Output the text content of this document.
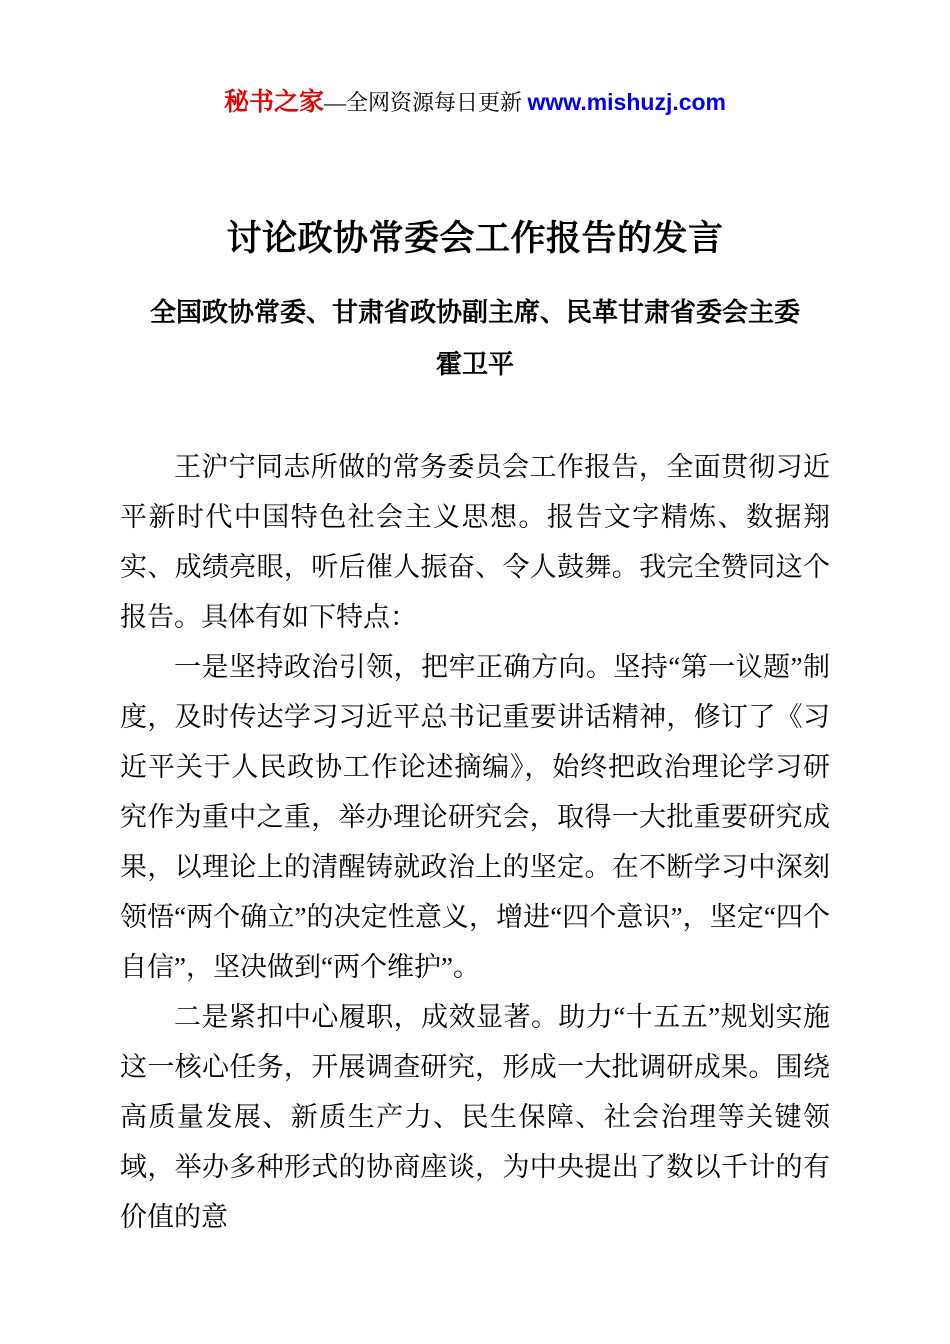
秘书之家—全网资源每日更新 www.mishuzj.com
讨论政协常委会工作报告的发言
全国政协常委、甘肃省政协副主席、民革甘肃省委会主委
霍卫平

王沪宁同志所做的常务委员会工作报告，全面贯彻习近平新时代中国特色社会主义思想。报告文字精炼、数据翔实、成绩亮眼，听后催人振奋、令人鼓舞。我完全赞同这个报告。具体有如下特点：

一是坚持政治引领，把牢正确方向。坚持“第一议题”制度，及时传达学习习近平总书记重要讲话精神，修订了《习近平关于人民政协工作论述摘编》，始终把政治理论学习研究作为重中之重，举办理论研究会，取得一大批重要研究成果，以理论上的清醒铸就政治上的坚定。在不断学习中深刻领悟“两个确立”的决定性意义，增进“四个意识”，坚定“四个自信”，坚决做到“两个维护”。

二是紧扣中心履职，成效显著。助力“十五五”规划实施这一核心任务，开展调查研究，形成一大批调研成果。围绕高质量发展、新质生产力、民生保障、社会治理等关键领域，举办多种形式的协商座谈，为中央提出了数以千计的有价值的意
